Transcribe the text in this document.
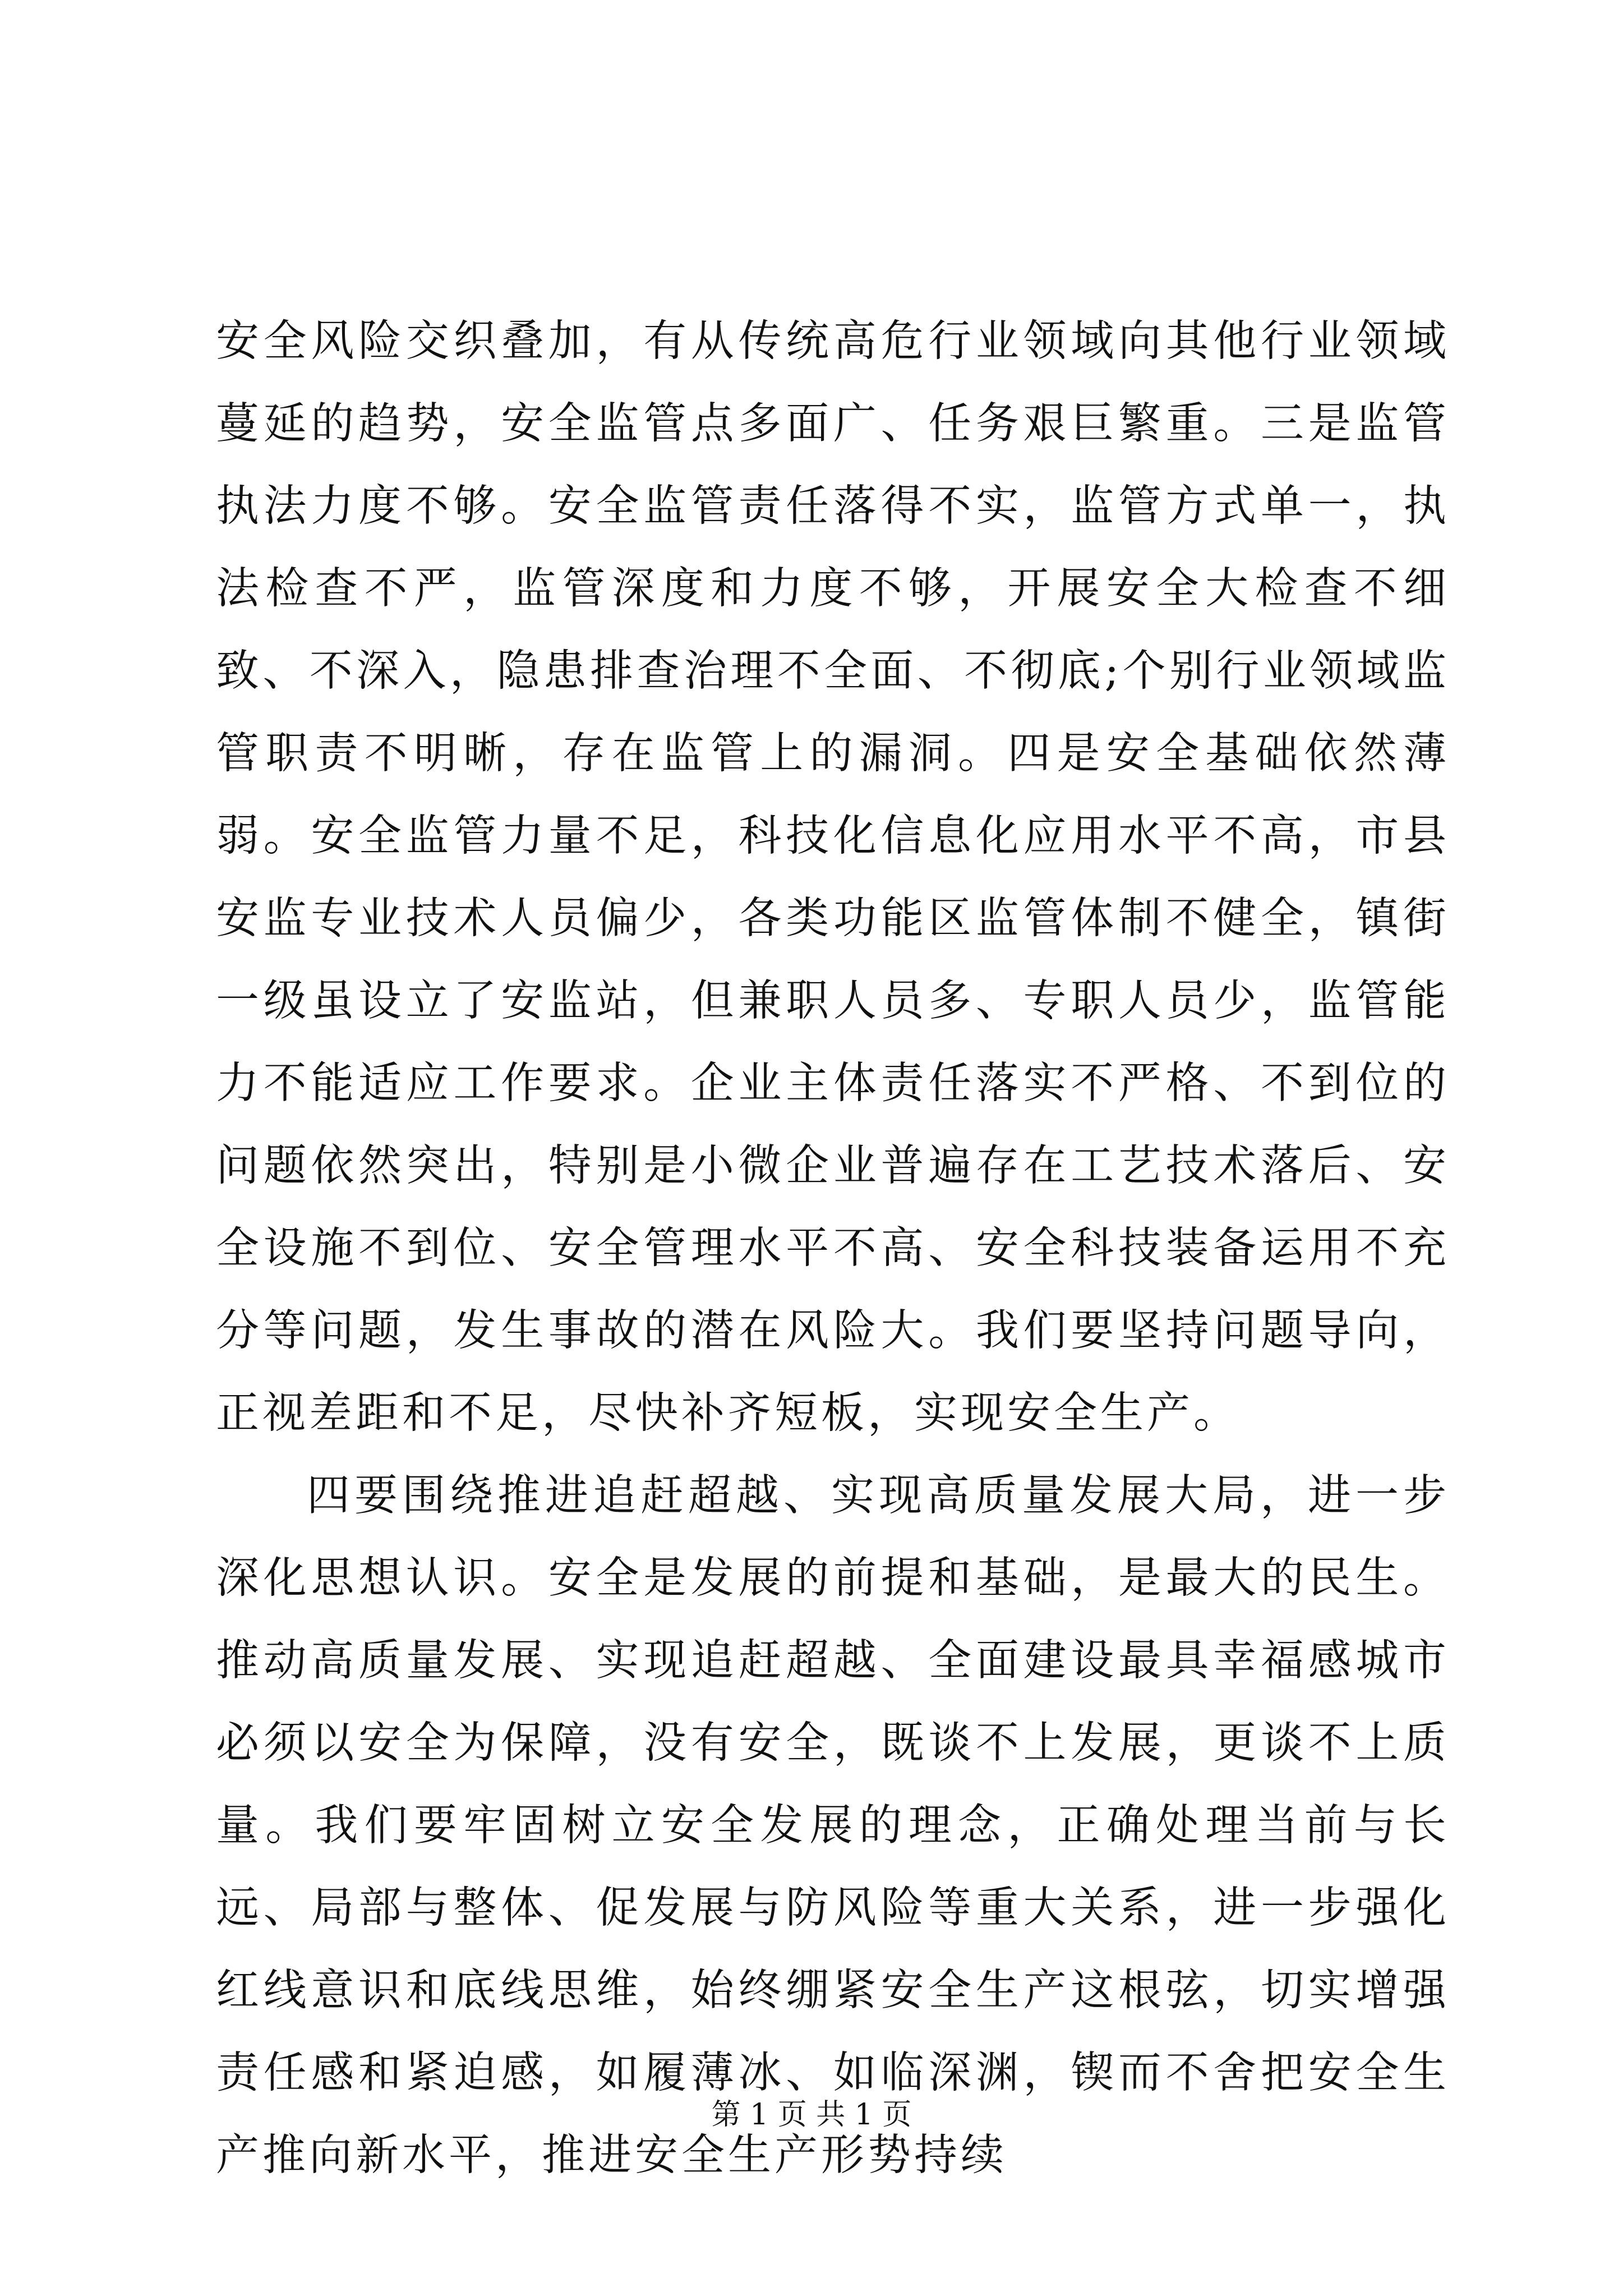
安全风险交织叠加，有从传统高危行业领域向其他行业领域蔓延的趋势，安全监管点多面广、任务艰巨繁重。三是监管执法力度不够。安全监管责任落得不实，监管方式单一，执法检查不严，监管深度和力度不够，开展安全大检查不细致、不深入，隐患排查治理不全面、不彻底;个别行业领域监管职责不明晰，存在监管上的漏洞。四是安全基础依然薄弱。安全监管力量不足，科技化信息化应用水平不高，市县安监专业技术人员偏少，各类功能区监管体制不健全，镇街一级虽设立了安监站，但兼职人员多、专职人员少，监管能力不能适应工作要求。企业主体责任落实不严格、不到位的问题依然突出，特别是小微企业普遍存在工艺技术落后、安全设施不到位、安全管理水平不高、安全科技装备运用不充分等问题，发生事故的潜在风险大。我们要坚持问题导向，正视差距和不足，尽快补齐短板，实现安全生产。

四要围绕推进追赶超越、实现高质量发展大局，进一步深化思想认识。安全是发展的前提和基础，是最大的民生。推动高质量发展、实现追赶超越、全面建设最具幸福感城市必须以安全为保障，没有安全，既谈不上发展，更谈不上质量。我们要牢固树立安全发展的理念，正确处理当前与长远、局部与整体、促发展与防风险等重大关系，进一步强化红线意识和底线思维，始终绷紧安全生产这根弦，切实增强责任感和紧迫感，如履薄冰、如临深渊，锲而不舍把安全生产推向新水平，推进安全生产形势持续

第 1 页 共 1 页
